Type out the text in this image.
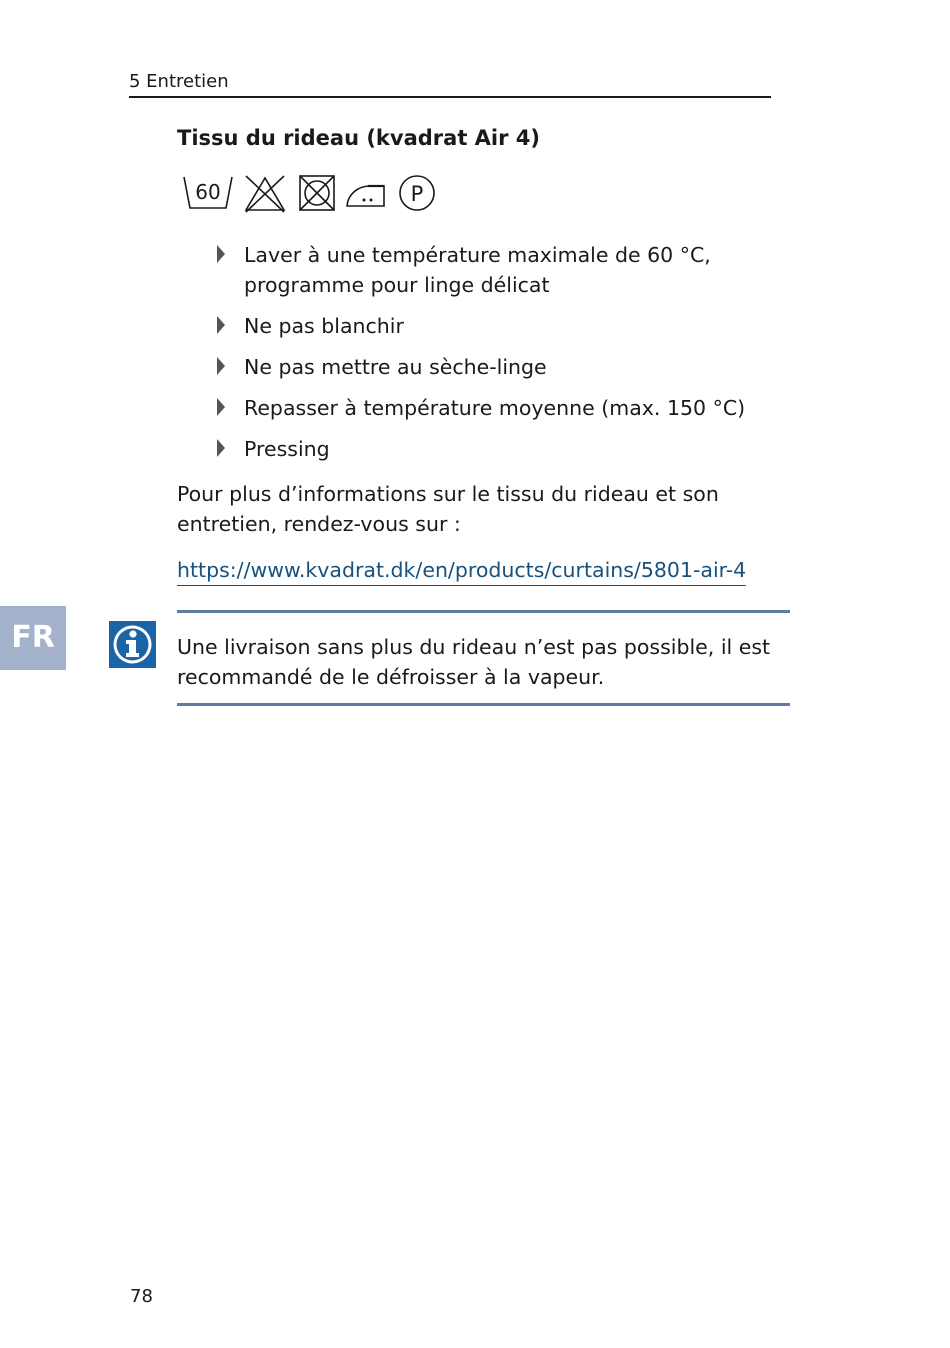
5 Entretien
Tissu du rideau (kvadrat Air 4)
60	P
Laver à une température maximale de 60 °C,
programme pour linge délicat
Ne pas blanchir
Ne pas mettre au sèche-linge
Repasser à température moyenne (max. 150 °C)
Pressing

Pour plus d’informations sur le tissu du rideau et son entretien, rendez-vous sur :

https://www.kvadrat.dk/en/products/curtains/5801-air-4
FR	Une livraison sans plus du rideau n’est pas possible, il est
recommandé de le défroisser à la vapeur.

78
